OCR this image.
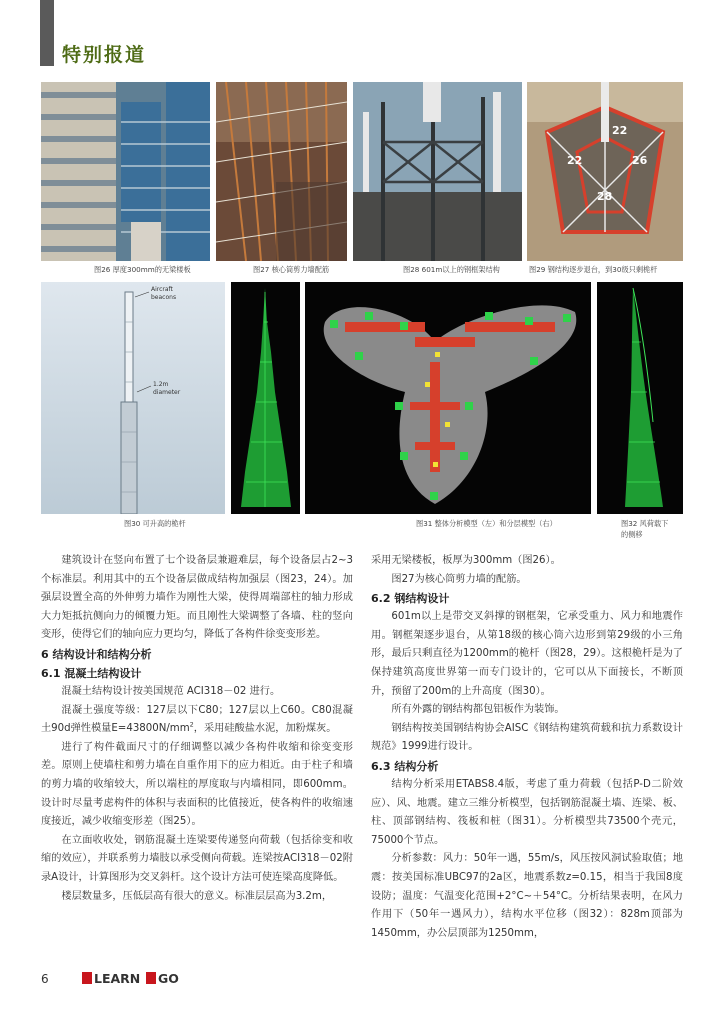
特别报道
图26 厚度300mm的无梁楼板	图27 核心筒剪力墙配筋	图28 601m以上的钢框架结构
22
22	26
28
图29 钢结构逐步退台，到30级只剩桅杆
Aircraft
beacons
1.2m
diameter
图30 可升高的桅杆	图31 整体分析模型（左）和分层模型（右）	图32 风荷载下
的侧移

建筑设计在竖向布置了七个设备层兼避难层，每个设备层占2~3个标准层。利用其中的五个设备层做成结构加强层（图23，24）。加强层设置全高的外伸剪力墙作为刚性大梁，使得周端部柱的轴力形成大力矩抵抗侧向力的倾覆力矩。而且刚性大梁调整了各墙、柱的竖向变形，使得它们的轴向应力更均匀，降低了各构件徐变变形差。

6 结构设计和结构分析
6.1 混凝土结构设计

混凝土结构设计按美国规范 ACI318－02 进行。

混凝土强度等级：127层以下C80；127层以上C60。C80混凝土90d弹性模量$E=43800N/mm^2$，采用硅酸盐水泥，加粉煤灰。

进行了构件截面尺寸的仔细调整以减少各构件收缩和徐变变形差。原则上使墙柱和剪力墙在自重作用下的应力相近。由于柱子和墙的剪力墙的收缩较大，所以端柱的厚度取与内墙相同，即600mm。设计时尽量考虑构件的体积与表面积的比值接近，使各构件的收缩速度接近，减少收缩变形差（图25）。

在立面收收处，钢筋混凝土连梁要传递竖向荷载（包括徐变和收缩的效应），并联系剪力墙肢以承受侧向荷载。连梁按ACI318－02附录A设计，计算图形为交叉斜杆。这个设计方法可使连梁高度降低。

楼层数量多，压低层高有很大的意义。标准层层高为3.2m，

采用无梁楼板，板厚为300mm（图26）。

图27为核心筒剪力墙的配筋。

6.2 钢结构设计

601m以上是带交叉斜撑的钢框架，它承受重力、风力和地震作用。钢框架逐步退台，从第18级的核心筒六边形到第29级的小三角形，最后只剩直径为1200mm的桅杆（图28，29）。这根桅杆是为了保持建筑高度世界第一而专门设计的，它可以从下面接长，不断顶升，预留了200m的上升高度（图30）。

所有外露的钢结构都包铝板作为装饰。

钢结构按美国钢结构协会AISC《钢结构建筑荷载和抗力系数设计规范》1999进行设计。

6.3 结构分析

结构分析采用ETABS8.4版，考虑了重力荷载（包括P-D二阶效应）、风、地震。建立三维分析模型，包括钢筋混凝土墙、连梁、板、柱、顶部钢结构、筏板和桩（图31）。分析模型共73500个壳元，75000个节点。

分析参数：风力：50年一遇，55m/s，风压按风洞试验取值；地震：按美国标准UBC97的2a区，地震系数z=0.15，相当于我国8度设防；温度：气温变化范围+2°C~＋54°C。分析结果表明，在风力作用下（50年一遇风力），结构水平位移（图32）：828m顶部为1450mm，办公层顶部为1250mm，

6	LEARN GO
